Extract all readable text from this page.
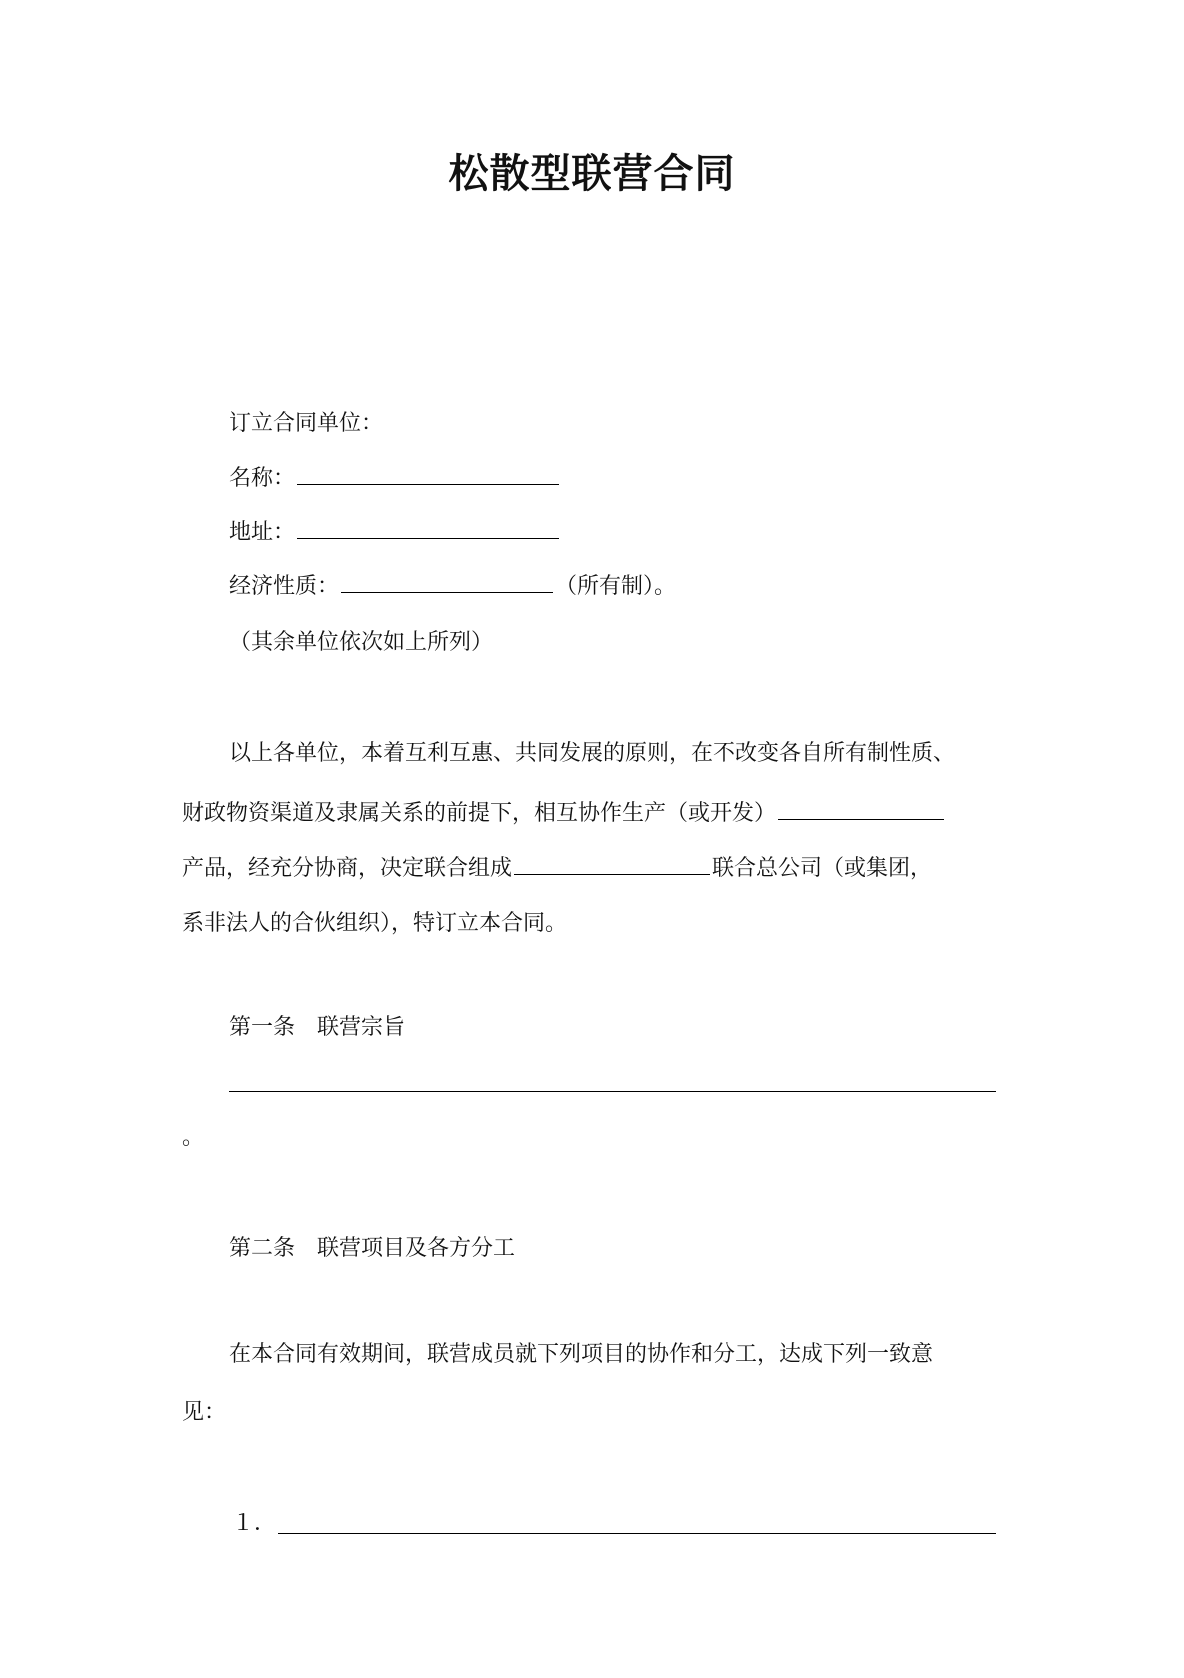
松散型联营合同
订立合同单位：
名称：
地址：
经济性质：	（所有制）。
（其余单位依次如上所列）
以上各单位，本着互利互惠、共同发展的原则，在不改变各自所有制性质、
财政物资渠道及隶属关系的前提下，相互协作生产（或开发）
产品，经充分协商，决定联合组成	联合总公司（或集团，
系非法人的合伙组织），特订立本合同。
第一条　联营宗旨
。
第二条　联营项目及各方分工
在本合同有效期间，联营成员就下列项目的协作和分工，达成下列一致意
见：
１．
